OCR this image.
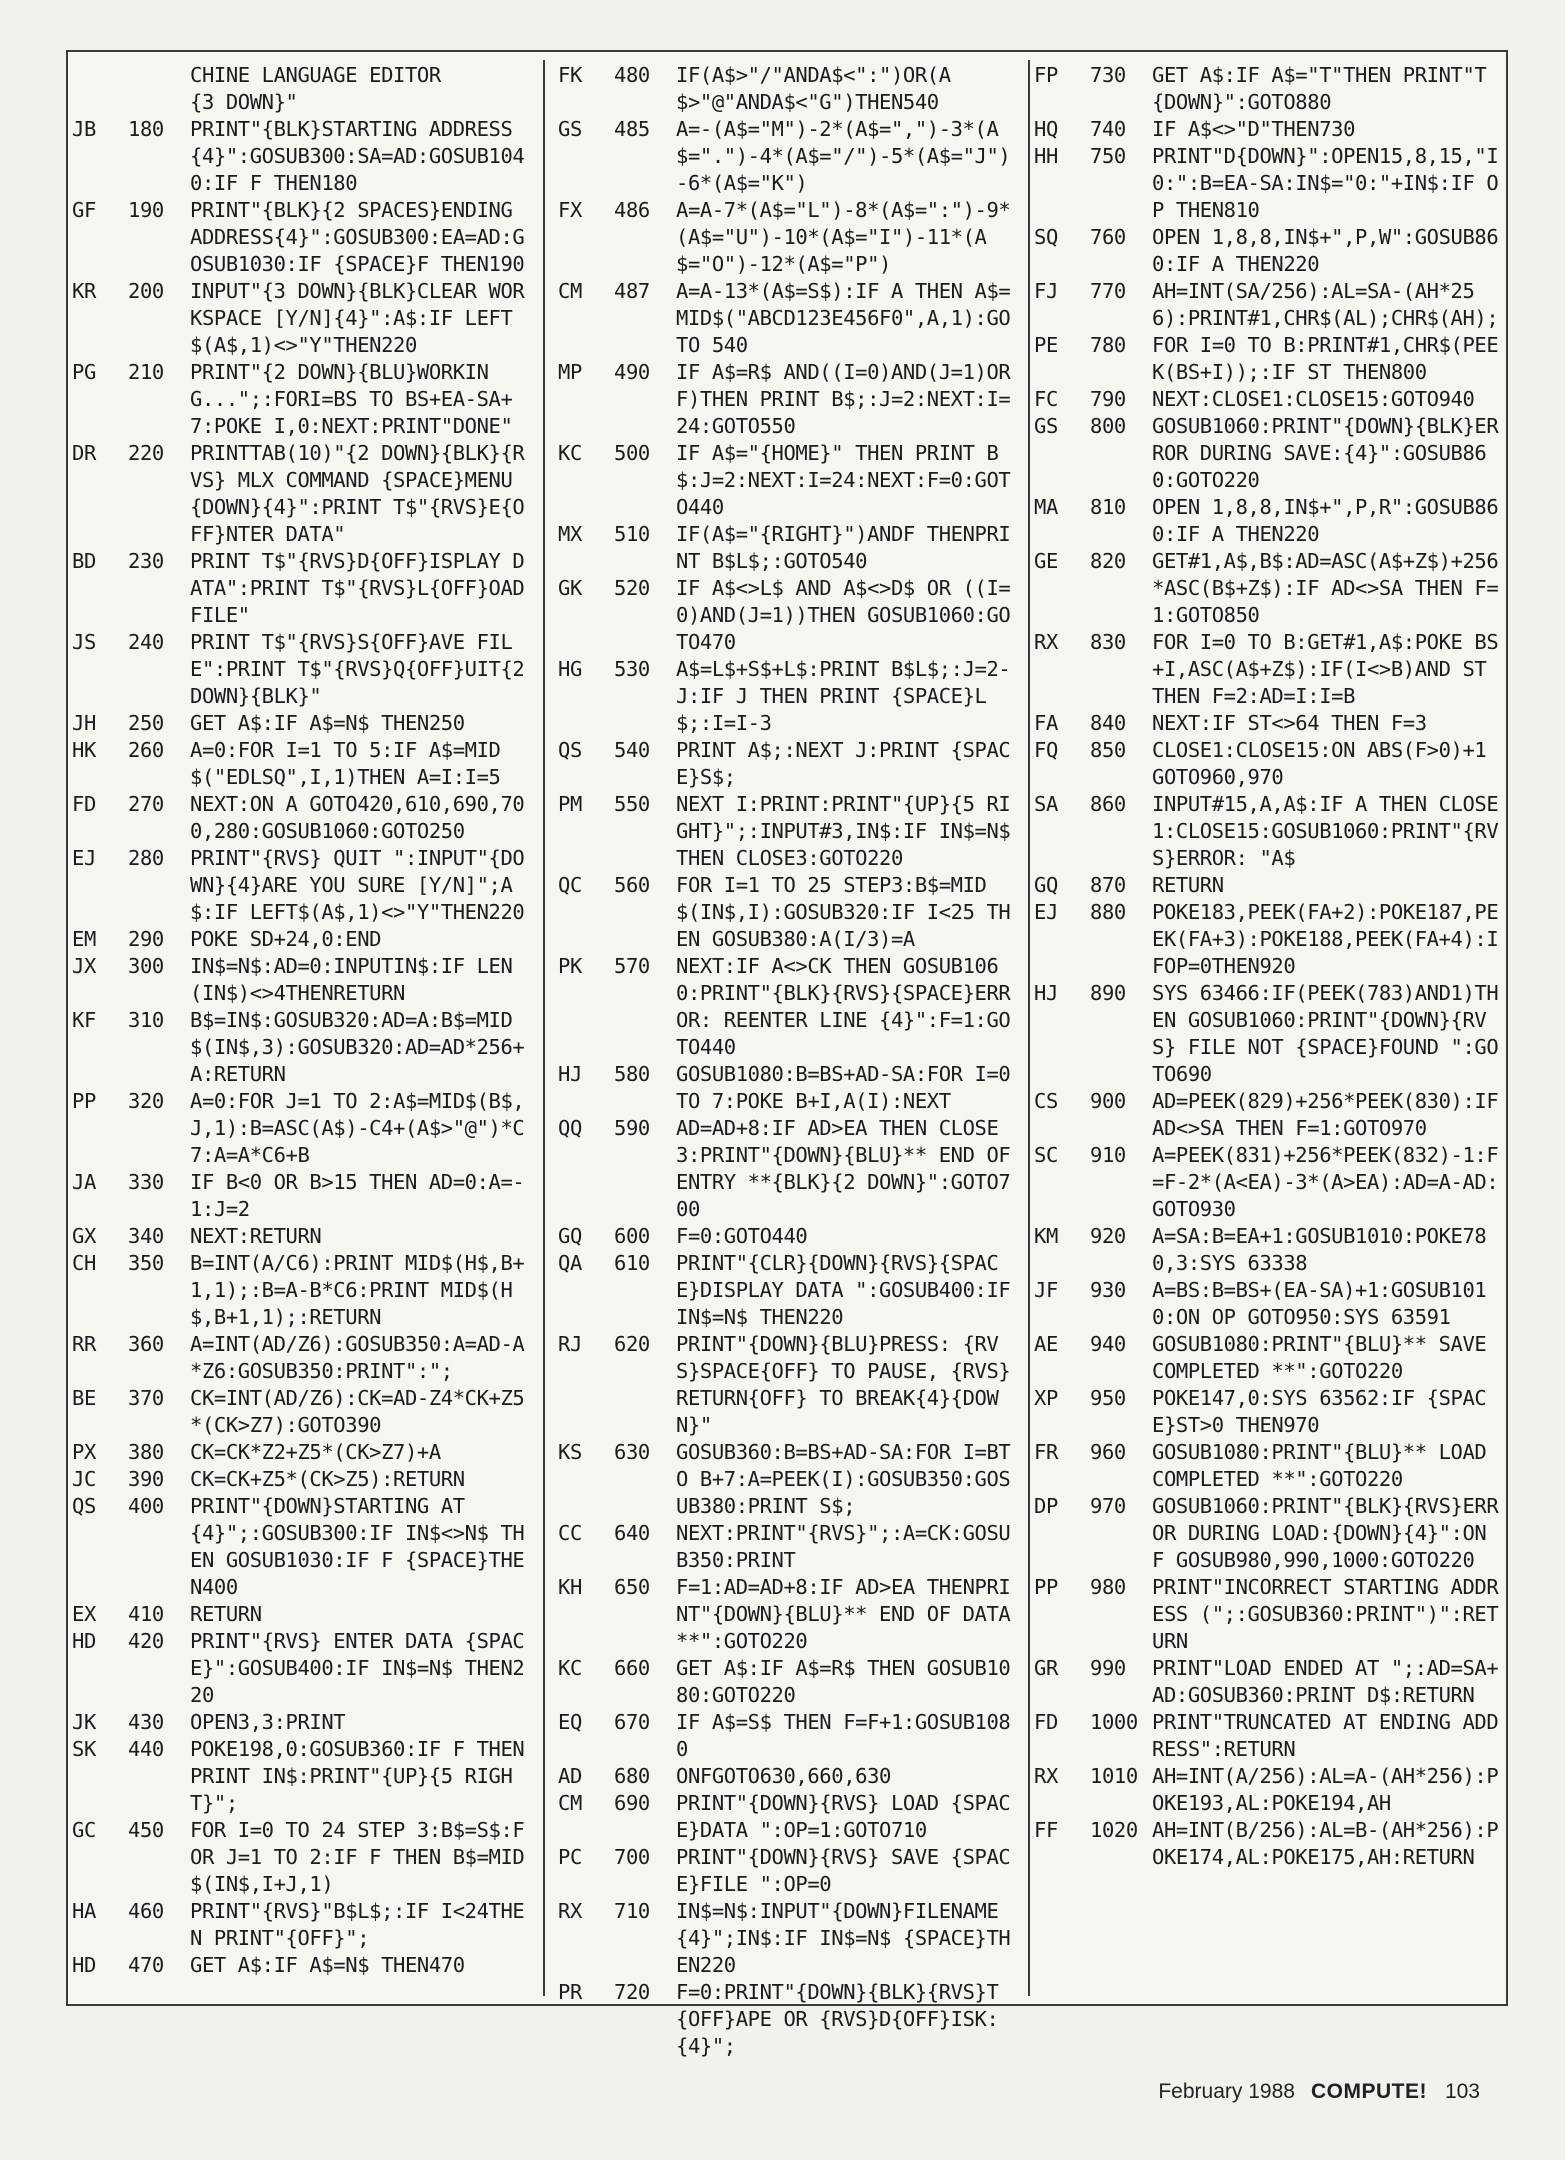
CHINE LANGUAGE EDITOR
{3 DOWN}"
JB	180	PRINT"{BLK}STARTING ADDRESS{4}":GOSUB300:SA=AD:GOSUB1040:IF F THEN180
GF	190	PRINT"{BLK}{2 SPACES}ENDING ADDRESS{4}":GOSUB300:EA=AD:GOSUB1030:IF {SPACE}F THEN190
KR	200	INPUT"{3 DOWN}{BLK}CLEAR WORKSPACE [Y/N]{4}":A$:IF LEFT$(A$,1)<>"Y"THEN220
PG	210	PRINT"{2 DOWN}{BLU}WORKING...";:FORI=BS TO BS+EA-SA+7:POKE I,0:NEXT:PRINT"DONE"
DR	220	PRINTTAB(10)"{2 DOWN}{BLK}{RVS} MLX COMMAND {SPACE}MENU {DOWN}{4}":PRINT T$"{RVS}E{OFF}NTER DATA"
BD	230	PRINT T$"{RVS}D{OFF}ISPLAY DATA":PRINT T$"{RVS}L{OFF}OAD FILE"
JS	240	PRINT T$"{RVS}S{OFF}AVE FILE":PRINT T$"{RVS}Q{OFF}UIT{2 DOWN}{BLK}"
JH	250	GET A$:IF A$=N$ THEN250
HK	260	A=0:FOR I=1 TO 5:IF A$=MID$("EDLSQ",I,1)THEN A=I:I=5
FD	270	NEXT:ON A GOTO420,610,690,700,280:GOSUB1060:GOTO250
EJ	280	PRINT"{RVS} QUIT ":INPUT"{DOWN}{4}ARE YOU SURE [Y/N]";A$:IF LEFT$(A$,1)<>"Y"THEN220
EM	290	POKE SD+24,0:END
JX	300	IN$=N$:AD=0:INPUTIN$:IF LEN(IN$)<>4THENRETURN
KF	310	B$=IN$:GOSUB320:AD=A:B$=MID$(IN$,3):GOSUB320:AD=AD*256+A:RETURN
PP	320	A=0:FOR J=1 TO 2:A$=MID$(B$,J,1):B=ASC(A$)-C4+(A$>"@")*C7:A=A*C6+B
JA	330	IF B<0 OR B>15 THEN AD=0:A=-1:J=2
GX	340	NEXT:RETURN
CH	350	B=INT(A/C6):PRINT MID$(H$,B+1,1);:B=A-B*C6:PRINT MID$(H$,B+1,1);:RETURN
RR	360	A=INT(AD/Z6):GOSUB350:A=AD-A*Z6:GOSUB350:PRINT":";
BE	370	CK=INT(AD/Z6):CK=AD-Z4*CK+Z5*(CK>Z7):GOTO390
PX	380	CK=CK*Z2+Z5*(CK>Z7)+A
JC	390	CK=CK+Z5*(CK>Z5):RETURN
QS	400	PRINT"{DOWN}STARTING AT{4}";:GOSUB300:IF IN$<>N$ THEN GOSUB1030:IF F {SPACE}THEN400
EX	410	RETURN
HD	420	PRINT"{RVS} ENTER DATA {SPACE}":GOSUB400:IF IN$=N$ THEN220
JK	430	OPEN3,3:PRINT
SK	440	POKE198,0:GOSUB360:IF F THEN PRINT IN$:PRINT"{UP}{5 RIGHT}";
GC	450	FOR I=0 TO 24 STEP 3:B$=S$:FOR J=1 TO 2:IF F THEN B$=MID$(IN$,I+J,1)
HA	460	PRINT"{RVS}"B$L$;:IF I<24THEN PRINT"{OFF}";
HD	470	GET A$:IF A$=N$ THEN470
FK	480	IF(A$>"/"ANDA$<":")OR(A$>"@"ANDA$<"G")THEN540
GS	485	A=-(A$="M")-2*(A$=",")-3*(A$=".")-4*(A$="/")-5*(A$="J")-6*(A$="K")
FX	486	A=A-7*(A$="L")-8*(A$=":")-9*(A$="U")-10*(A$="I")-11*(A$="O")-12*(A$="P")
CM	487	A=A-13*(A$=S$):IF A THEN A$=MID$("ABCD123E456F0",A,1):GOTO 540
MP	490	IF A$=R$ AND((I=0)AND(J=1)OR F)THEN PRINT B$;:J=2:NEXT:I=24:GOTO550
KC	500	IF A$="{HOME}" THEN PRINT B$:J=2:NEXT:I=24:NEXT:F=0:GOTO440
MX	510	IF(A$="{RIGHT}")ANDF THENPRINT B$L$;:GOTO540
GK	520	IF A$<>L$ AND A$<>D$ OR ((I=0)AND(J=1))THEN GOSUB1060:GOTO470
HG	530	A$=L$+S$+L$:PRINT B$L$;:J=2-J:IF J THEN PRINT {SPACE}L$;:I=I-3
QS	540	PRINT A$;:NEXT J:PRINT {SPACE}S$;
PM	550	NEXT I:PRINT:PRINT"{UP}{5 RIGHT}";:INPUT#3,IN$:IF IN$=N$ THEN CLOSE3:GOTO220
QC	560	FOR I=1 TO 25 STEP3:B$=MID$(IN$,I):GOSUB320:IF I<25 THEN GOSUB380:A(I/3)=A
PK	570	NEXT:IF A<>CK THEN GOSUB1060:PRINT"{BLK}{RVS}{SPACE}ERROR: REENTER LINE {4}":F=1:GOTO440
HJ	580	GOSUB1080:B=BS+AD-SA:FOR I=0 TO 7:POKE B+I,A(I):NEXT
QQ	590	AD=AD+8:IF AD>EA THEN CLOSE3:PRINT"{DOWN}{BLU}** END OF ENTRY **{BLK}{2 DOWN}":GOTO700
GQ	600	F=0:GOTO440
QA	610	PRINT"{CLR}{DOWN}{RVS}{SPACE}DISPLAY DATA ":GOSUB400:IF IN$=N$ THEN220
RJ	620	PRINT"{DOWN}{BLU}PRESS: {RVS}SPACE{OFF} TO PAUSE, {RVS}RETURN{OFF} TO BREAK{4}{DOWN}"
KS	630	GOSUB360:B=BS+AD-SA:FOR I=BTO B+7:A=PEEK(I):GOSUB350:GOSUB380:PRINT S$;
CC	640	NEXT:PRINT"{RVS}";:A=CK:GOSUB350:PRINT
KH	650	F=1:AD=AD+8:IF AD>EA THENPRINT"{DOWN}{BLU}** END OF DATA **":GOTO220
KC	660	GET A$:IF A$=R$ THEN GOSUB1080:GOTO220
EQ	670	IF A$=S$ THEN F=F+1:GOSUB1080
AD	680	ONFGOTO630,660,630
CM	690	PRINT"{DOWN}{RVS} LOAD {SPACE}DATA ":OP=1:GOTO710
PC	700	PRINT"{DOWN}{RVS} SAVE {SPACE}FILE ":OP=0
RX	710	IN$=N$:INPUT"{DOWN}FILENAME{4}";IN$:IF IN$=N$ {SPACE}THEN220
PR	720	F=0:PRINT"{DOWN}{BLK}{RVS}T{OFF}APE OR {RVS}D{OFF}ISK: {4}";
FP	730	GET A$:IF A$="T"THEN PRINT"T{DOWN}":GOTO880
HQ	740	IF A$<>"D"THEN730
HH	750	PRINT"D{DOWN}":OPEN15,8,15,"I0:":B=EA-SA:IN$="0:"+IN$:IF OP THEN810
SQ	760	OPEN 1,8,8,IN$+",P,W":GOSUB860:IF A THEN220
FJ	770	AH=INT(SA/256):AL=SA-(AH*256):PRINT#1,CHR$(AL);CHR$(AH);
PE	780	FOR I=0 TO B:PRINT#1,CHR$(PEEK(BS+I));:IF ST THEN800
FC	790	NEXT:CLOSE1:CLOSE15:GOTO940
GS	800	GOSUB1060:PRINT"{DOWN}{BLK}ERROR DURING SAVE:{4}":GOSUB860:GOTO220
MA	810	OPEN 1,8,8,IN$+",P,R":GOSUB860:IF A THEN220
GE	820	GET#1,A$,B$:AD=ASC(A$+Z$)+256*ASC(B$+Z$):IF AD<>SA THEN F=1:GOTO850
RX	830	FOR I=0 TO B:GET#1,A$:POKE BS+I,ASC(A$+Z$):IF(I<>B)AND ST THEN F=2:AD=I:I=B
FA	840	NEXT:IF ST<>64 THEN F=3
FQ	850	CLOSE1:CLOSE15:ON ABS(F>0)+1 GOTO960,970
SA	860	INPUT#15,A,A$:IF A THEN CLOSE1:CLOSE15:GOSUB1060:PRINT"{RVS}ERROR: "A$
GQ	870	RETURN
EJ	880	POKE183,PEEK(FA+2):POKE187,PEEK(FA+3):POKE188,PEEK(FA+4):IFOP=0THEN920
HJ	890	SYS 63466:IF(PEEK(783)AND1)THEN GOSUB1060:PRINT"{DOWN}{RVS} FILE NOT {SPACE}FOUND ":GOTO690
CS	900	AD=PEEK(829)+256*PEEK(830):IF AD<>SA THEN F=1:GOTO970
SC	910	A=PEEK(831)+256*PEEK(832)-1:F=F-2*(A<EA)-3*(A>EA):AD=A-AD:GOTO930
KM	920	A=SA:B=EA+1:GOSUB1010:POKE780,3:SYS 63338
JF	930	A=BS:B=BS+(EA-SA)+1:GOSUB1010:ON OP GOTO950:SYS 63591
AE	940	GOSUB1080:PRINT"{BLU}** SAVE COMPLETED **":GOTO220
XP	950	POKE147,0:SYS 63562:IF {SPACE}ST>0 THEN970
FR	960	GOSUB1080:PRINT"{BLU}** LOAD COMPLETED **":GOTO220
DP	970	GOSUB1060:PRINT"{BLK}{RVS}ERROR DURING LOAD:{DOWN}{4}":ON F GOSUB980,990,1000:GOTO220
PP	980	PRINT"INCORRECT STARTING ADDRESS (";:GOSUB360:PRINT")":RETURN
GR	990	PRINT"LOAD ENDED AT ";:AD=SA+AD:GOSUB360:PRINT D$:RETURN
FD	1000 PRINT"TRUNCATED AT ENDING ADDRESS":RETURN
RX	1010 AH=INT(A/256):AL=A-(AH*256):POKE193,AL:POKE194,AH
FF	1020 AH=INT(B/256):AL=B-(AH*256):POKE174,AL:POKE175,AH:RETURN
February 1988 COMPUTE! 103
